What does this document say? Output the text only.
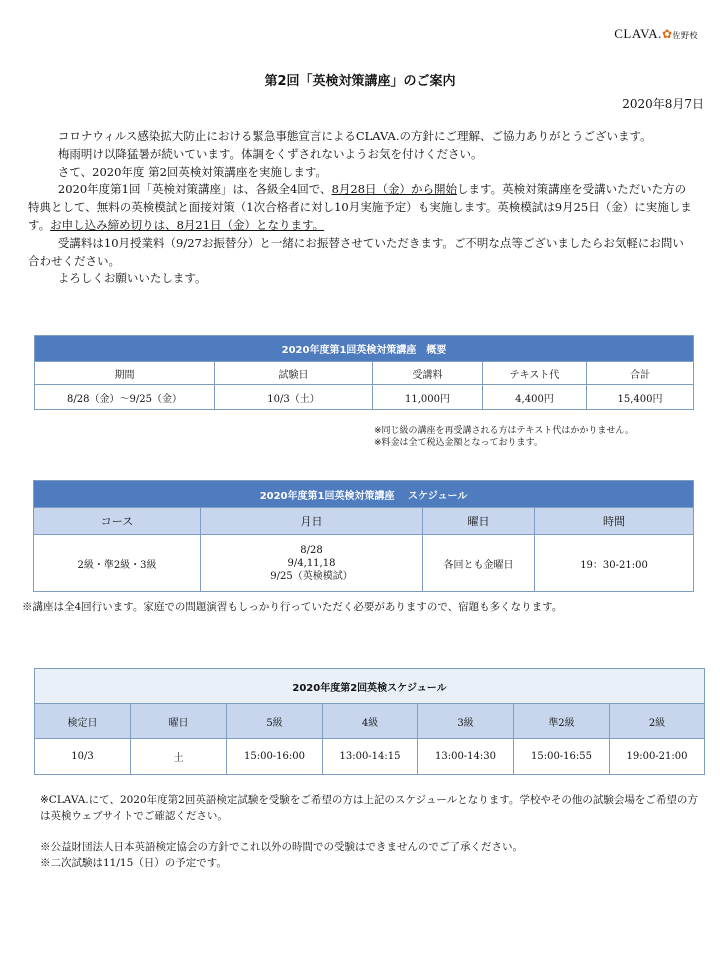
CLAVA.✿佐野校
第2回「英検対策講座」のご案内
2020年8月7日

コロナウィルス感染拡大防止における緊急事態宣言によるCLAVA.の方針にご理解、ご協力ありがとうございます。

梅雨明け以降猛暑が続いています。体調をくずされないようお気を付けください。

さて、2020年度 第2回英検対策講座を実施します。

2020年度第1回「英検対策講座」は、各級全4回で、8月28日（金）から開始します。英検対策講座を受講いただいた方の特典として、無料の英検模試と面接対策（1次合格者に対し10月実施予定）も実施します。英検模試は9月25日（金）に実施します。お申し込み締め切りは、8月21日（金）となります。

受講料は10月授業料（9/27お振替分）と一緒にお振替させていただきます。ご不明な点等ございましたらお気軽にお問い合わせください。

よろしくお願いいたします。

2020年度第1回英検対策講座　概要				
期間	試験日	受講料	テキスト代	合計
8/28（金）～9/25（金）	10/3（土）	11,000円	4,400円	15,400円
※同じ級の講座を再受講される方はテキスト代はかかりません。
※料金は全て税込金額となっております。
2020年度第1回英検対策講座　 スケジュール			
コース	月日	曜日	時間
2級・準2級・3級	8/28
9/4,11,18
9/25（英検模試）	各回とも金曜日	19：30-21:00
※講座は全4回行います。家庭での問題演習もしっかり行っていただく必要がありますので、宿題も多くなります。
2020年度第2回英検スケジュール						
検定日	曜日	5級	4級	3級	準2級	2級
10/3	土	15:00-16:00	13:00-14:15	13:00-14:30	15:00-16:55	19:00-21:00

※CLAVA.にて、2020年度第2回英語検定試験を受験をご希望の方は上記のスケジュールとなります。学校やその他の試験会場をご希望の方は英検ウェブサイトでご確認ください。

※公益財団法人日本英語検定協会の方針でこれ以外の時間での受験はできませんのでご了承ください。

※二次試験は11/15（日）の予定です。
